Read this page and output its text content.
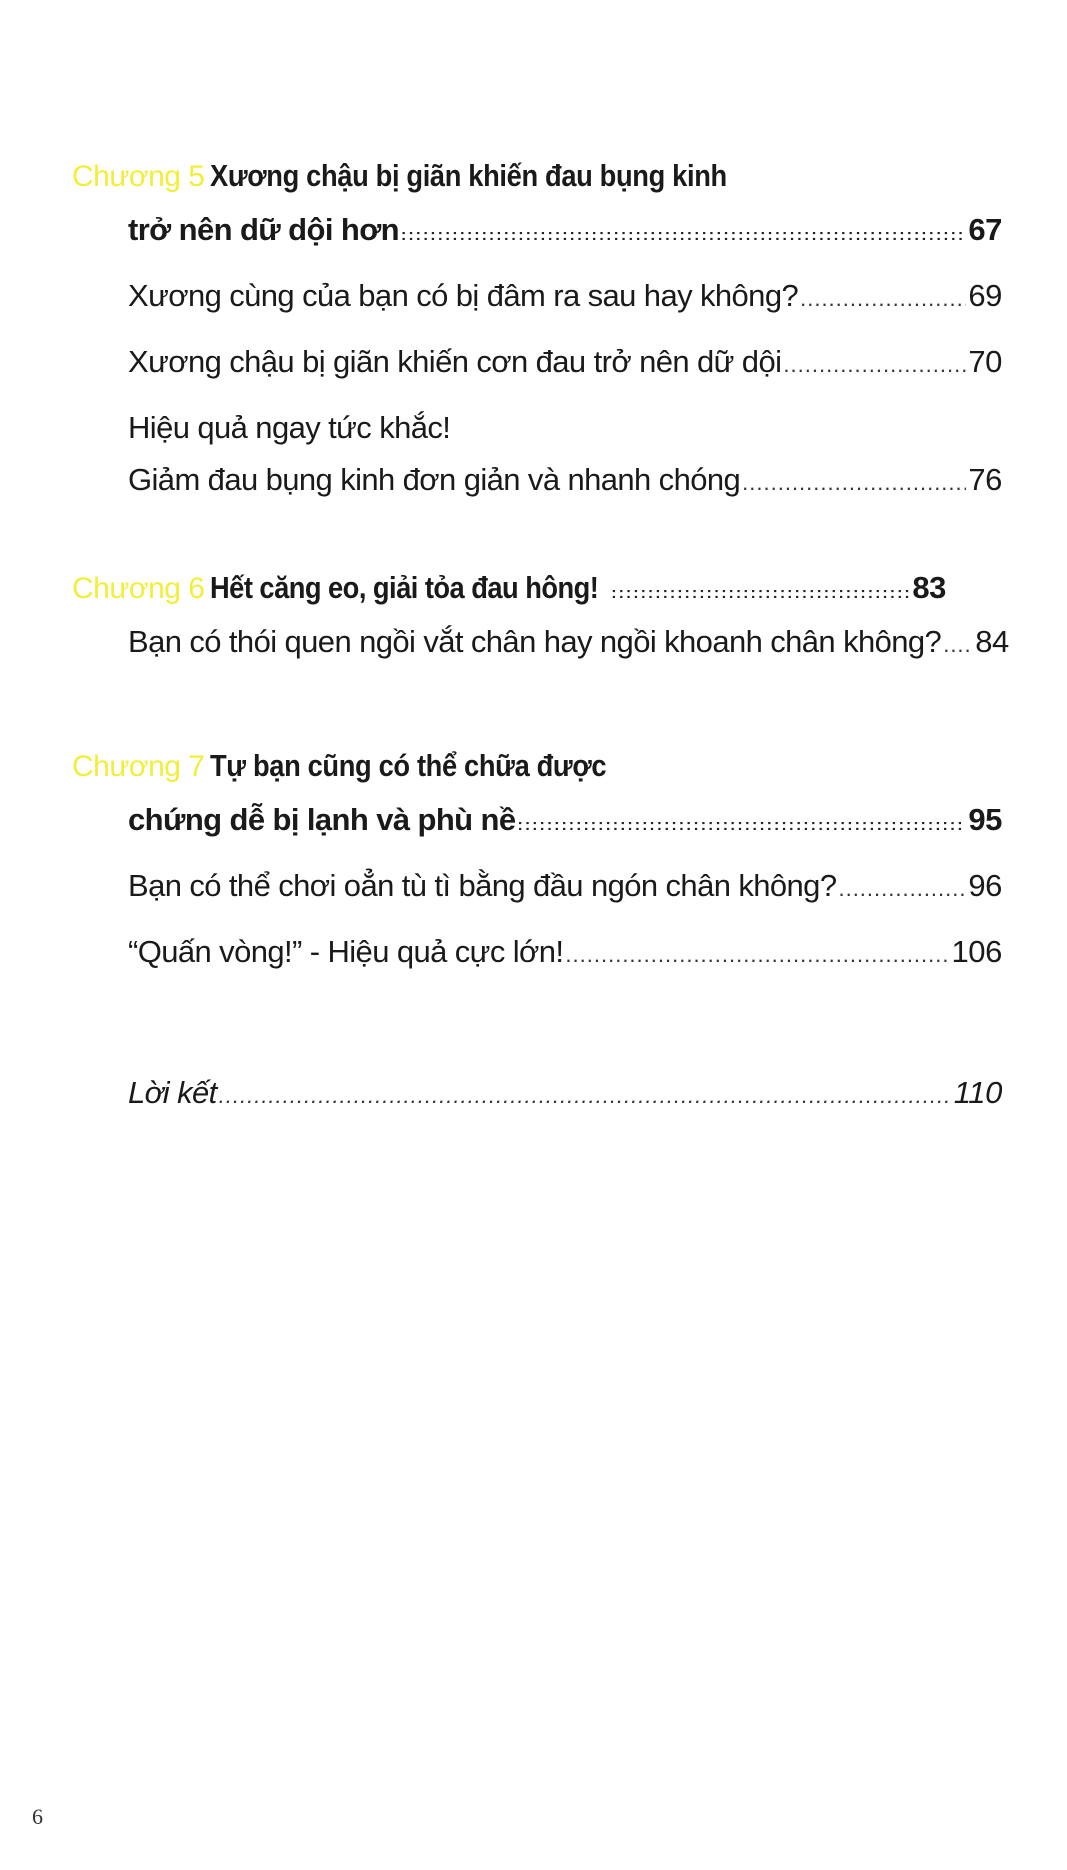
Chương 5 Xương chậu bị giãn khiến đau bụng kinh
trở nên dữ dội hơn ::::::::::::::::::::::::::::::::::::::::::::::::::::::::::::::::::::::::::::::::::::::::::::::::::::::::::::::::::::::::::::::::::::	67
Xương cùng của bạn có bị đâm ra sau hay không? .....	69
Xương chậu bị giãn khiến cơn đau trở nên dữ dội .....	70
Hiệu quả ngay tức khắc!
Giảm đau bụng kinh đơn giản và nhanh chóng .....	76
Chương 6 Hết căng eo, giải tỏa đau hông! ::::::::::::::::::::::::::::::::::::::::::::::::::::::::::::::::::::::::::::::::::::::::::::::::::::::::::::::::::::::::::::::::::::	83
Bạn có thói quen ngồi vắt chân hay ngồi khoanh chân không? ..... 84
Chương 7 Tự bạn cũng có thể chữa được
chứng dễ bị lạnh và phù nề ::::::::::::::::::::::::::::::::::::::::::::::::::::::::::::::::::::::::::::::::::::::::::::::::::::::::::::::::::::::::::::::::::::	95
Bạn có thể chơi oẳn tù tì bằng đầu ngón chân không? .....	96
“Quấn vòng!” - Hiệu quả cực lớn! .....	106
Lời kết .....	110
6
